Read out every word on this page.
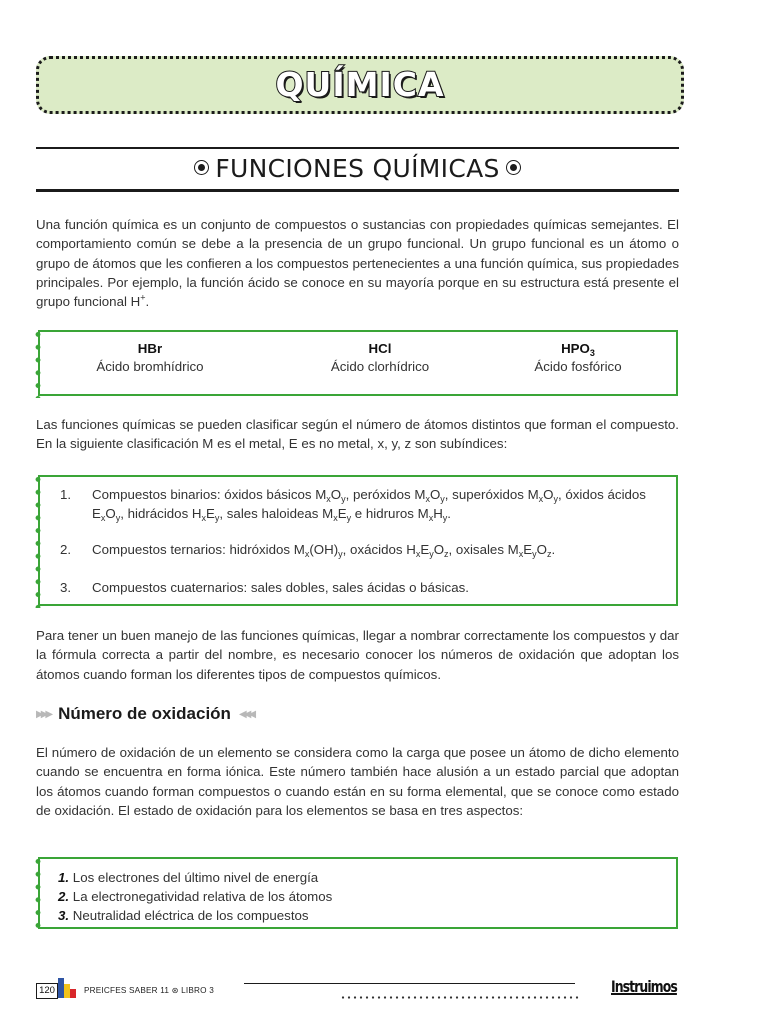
QUÍMICA
FUNCIONES QUÍMICAS

Una función química es un conjunto de compuestos o sustancias con propiedades químicas semejantes. El comportamiento común se debe a la presencia de un grupo funcional. Un grupo funcional es un átomo o grupo de átomos que les confieren a los compuestos pertenecientes a una función química, sus propiedades principales. Por ejemplo, la función ácido se conoce en su mayoría porque en su estructura está presente el grupo funcional H+.

HBr
Ácido bromhídrico
HCl
Ácido clorhídrico
$HPO_3$
Ácido fosfórico

Las funciones químicas se pueden clasificar según el número de átomos distintos que forman el compuesto. En la siguiente clasificación M es el metal, E es no metal, x, y, z son subíndices:

1. Compuestos binarios: óxidos básicos $M_xO_y$, peróxidos $M_xO_y$, superóxidos $M_xO_y$, óxidos ácidos $E_xO_y$, hidrácidos $H_xE_y$, sales haloideas $M_xE_y$ e hidruros $M_xH_y$.
2. Compuestos ternarios: hidróxidos $M_x(OH)_y$, oxácidos $H_xE_yO_z$, oxisales $M_xE_yO_z$.
3. Compuestos cuaternarios: sales dobles, sales ácidas o básicas.

Para tener un buen manejo de las funciones químicas, llegar a nombrar correctamente los compuestos y dar la fórmula correcta a partir del nombre, es necesario conocer los números de oxidación que adoptan los átomos cuando forman los diferentes tipos de compuestos químicos.

▶▶▶ Número de oxidación ◀◀◀

El número de oxidación de un elemento se considera como la carga que posee un átomo de dicho elemento cuando se encuentra en forma iónica. Este número también hace alusión a un estado parcial que adoptan los átomos cuando forman compuestos o cuando están en su forma elemental, que se conoce como estado de oxidación. El estado de oxidación para los elementos se basa en tres aspectos:

1. Los electrones del último nivel de energía
2. La electronegatividad relativa de los átomos
3. Neutralidad eléctrica de los compuestos
120	PREICFES SABER 11 ⊛ LIBRO 3	Instruimos
